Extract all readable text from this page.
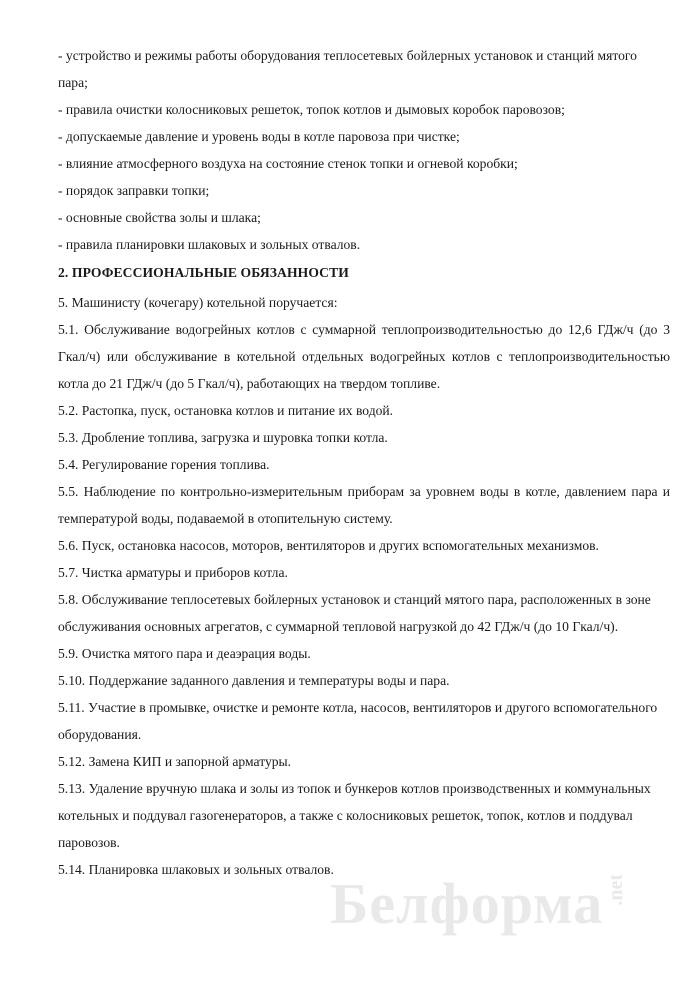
- устройство и режимы работы оборудования теплосетевых бойлерных установок и станций мятого пара;

- правила очистки колосниковых решеток, топок котлов и дымовых коробок паровозов;

- допускаемые давление и уровень воды в котле паровоза при чистке;

- влияние атмосферного воздуха на состояние стенок топки и огневой коробки;

- порядок заправки топки;

- основные свойства золы и шлака;

- правила планировки шлаковых и зольных отвалов.

2. ПРОФЕССИОНАЛЬНЫЕ ОБЯЗАННОСТИ

5. Машинисту (кочегару) котельной поручается:

5.1. Обслуживание водогрейных котлов с суммарной теплопроизводительностью до 12,6 ГДж/ч (до 3 Гкал/ч) или обслуживание в котельной отдельных водогрейных котлов с теплопроизводительностью котла до 21 ГДж/ч (до 5 Гкал/ч), работающих на твердом топливе.

5.2. Растопка, пуск, остановка котлов и питание их водой.

5.3. Дробление топлива, загрузка и шуровка топки котла.

5.4. Регулирование горения топлива.

5.5. Наблюдение по контрольно-измерительным приборам за уровнем воды в котле, давлением пара и температурой воды, подаваемой в отопительную систему.

5.6. Пуск, остановка насосов, моторов, вентиляторов и других вспомогательных механизмов.

5.7. Чистка арматуры и приборов котла.

5.8. Обслуживание теплосетевых бойлерных установок и станций мятого пара, расположенных в зоне обслуживания основных агрегатов, с суммарной тепловой нагрузкой до 42 ГДж/ч (до 10 Гкал/ч).

5.9. Очистка мятого пара и деаэрация воды.

5.10. Поддержание заданного давления и температуры воды и пара.

5.11. Участие в промывке, очистке и ремонте котла, насосов, вентиляторов и другого вспомогательного оборудования.

5.12. Замена КИП и запорной арматуры.

5.13. Удаление вручную шлака и золы из топок и бункеров котлов производственных и коммунальных котельных и поддувал газогенераторов, а также с колосниковых решеток, топок, котлов и поддувал паровозов.

5.14. Планировка шлаковых и зольных отвалов.

Белформа .net
